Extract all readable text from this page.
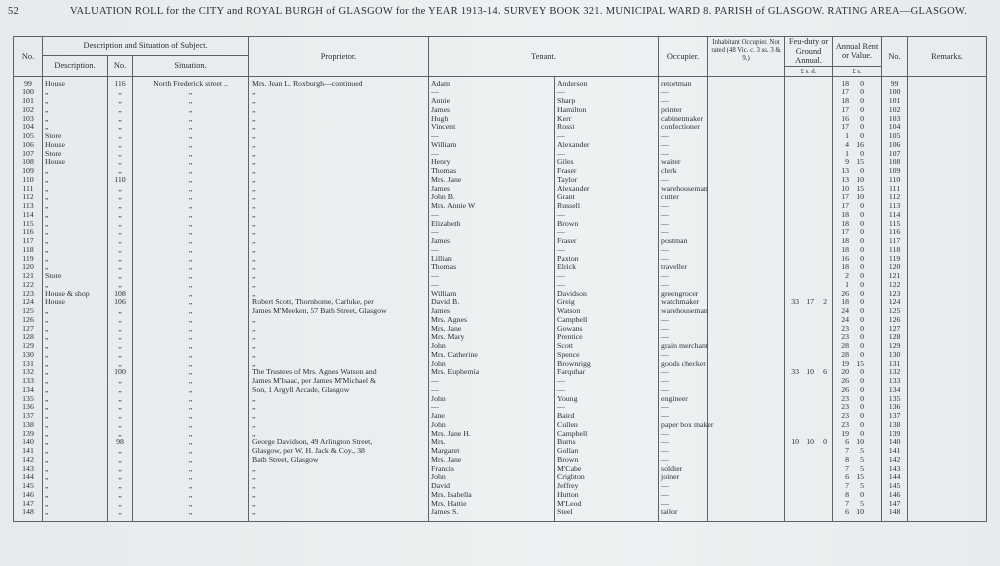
52	VALUATION ROLL for the CITY and ROYAL BURGH of GLASGOW for the YEAR 1913-14. SURVEY BOOK 321. MUNICIPAL WARD 8. PARISH of GLASGOW. RATING AREA—GLASGOW.
No.	Description and Situation of Subject.			Proprietor.	Tenant.		Occupier.	Inhabitant Occupier. Not rated (48 Vic. c. 3 ss. 3 & 9.)	Feu-duty or Ground Annual.	Annual Rent or Value.	No.	Remarks.
	Description.	No.	Situation.									
									£ s. d.	£ s.		
99	House	116	North Frederick street ..	Mrs. Jean L. Roxburgh—continued	Adam	Anderson	retortman			18 0	99	
100	„	„	„	„	—	—	—			17 0	100	
101	„	„	„	„	Annie	Sharp	—			18 0	101	
102	„	„	„	„	James	Hamilton	printer			17 0	102	
103	„	„	„	„	Hugh	Kerr	cabinetmaker			16 0	103	
104	„	„	„	„	Vincent	Rossi	confectioner			17 0	104	
105	Store	„	„	„	—	—	—			1 0	105	
106	House	„	„	„	William	Alexander	—			4 16	106	
107	Store	„	„	„	—	—	—			1 0	107	
108	House	„	„	„	Henry	Giles	waiter			9 15	108	
109	„	„	„	„	Thomas	Fraser	clerk			13 0	109	
110	„	110	„	„	Mrs. Jane	Taylor	—			13 10	110	
111	„	„	„	„	James	Alexander	warehouseman			10 15	111	
112	„	„	„	„	John B.	Grant	cutter			17 10	112	
113	„	„	„	„	Mrs. Annie W	Russell	—			17 0	113	
114	„	„	„	„	—	—	—			18 0	114	
115	„	„	„	„	Elizabeth	Brown	—			18 0	115	
116	„	„	„	„	—	—	—			17 0	116	
117	„	„	„	„	James	Fraser	postman			18 0	117	
118	„	„	„	„	—	—	—			18 0	118	
119	„	„	„	„	Lillian	Paxton	—			16 0	119	
120	„	„	„	„	Thomas	Elrick	traveller			18 0	120	
121	Store	„	„	„	—	—	—			2 0	121	
122	„	„	„	„	—	—	—			1 0	122	
123	House & shop	108	„	„	William	Davidson	greengrocer			26 0	123	
124	House	106	„	Robert Scott, Thornhome, Carluke, per	David B.	Greig	watchmaker		33 17 2	18 0	124	
125	„	„	„	James M'Meeken, 57 Bath Street, Glasgow	James	Watson	warehouseman			24 0	125	
126	„	„	„	„	Mrs. Agnes	Campbell	—			24 0	126	
127	„	„	„	„	Mrs. Jane	Gowans	—			23 0	127	
128	„	„	„	„	Mrs. Mary	Prentice	—			23 0	128	
129	„	„	„	„	John	Scott	grain merchant			28 0	129	
130	„	„	„	„	Mrs. Catherine	Spence	—			28 0	130	
131	„	„	„	„	John	Brownrigg	goods checker			19 15	131	
132	„	100	„	The Trustees of Mrs. Agnes Watson and	Mrs. Euphemia	Farquhar	—		33 10 6	20 0	132	
133	„	„	„	James M'Isaac, per James M'Michael &	—	—	—			26 0	133	
134	„	„	„	Son, 1 Argyll Arcade, Glasgow	—	—	—			26 0	134	
135	„	„	„	„	John	Young	engineer			23 0	135	
136	„	„	„	„	—	—	—			23 0	136	
137	„	„	„	„	Jane	Baird	—			23 0	137	
138	„	„	„	„	John	Cullen	paper box maker			23 0	138	
139	„	„	„	„	Mrs. Jane H.	Campbell	—			19 0	139	
140	„	98	„	George Davidson, 49 Arlington Street,	Mrs.	Burns	—		10 10 0	6 10	140	
141	„	„	„	Glasgow, per W. H. Jack & Coy., 38	Margaret	Gollan	—			7 5	141	
142	„	„	„	Bath Street, Glasgow	Mrs. Jane	Brown	—			8 5	142	
143	„	„	„	„	Francis	M'Cabe	soldier			7 5	143	
144	„	„	„	„	John	Crighton	joiner			6 15	144	
145	„	„	„	„	David	Jeffrey	—			7 5	145	
146	„	„	„	„	Mrs. Isabella	Hutton	—			8 0	146	
147	„	„	„	„	Mrs. Hattie	M'Leod	—			7 5	147	
148	„	„	„	„	James S.	Steel	tailor			6 10	148	
